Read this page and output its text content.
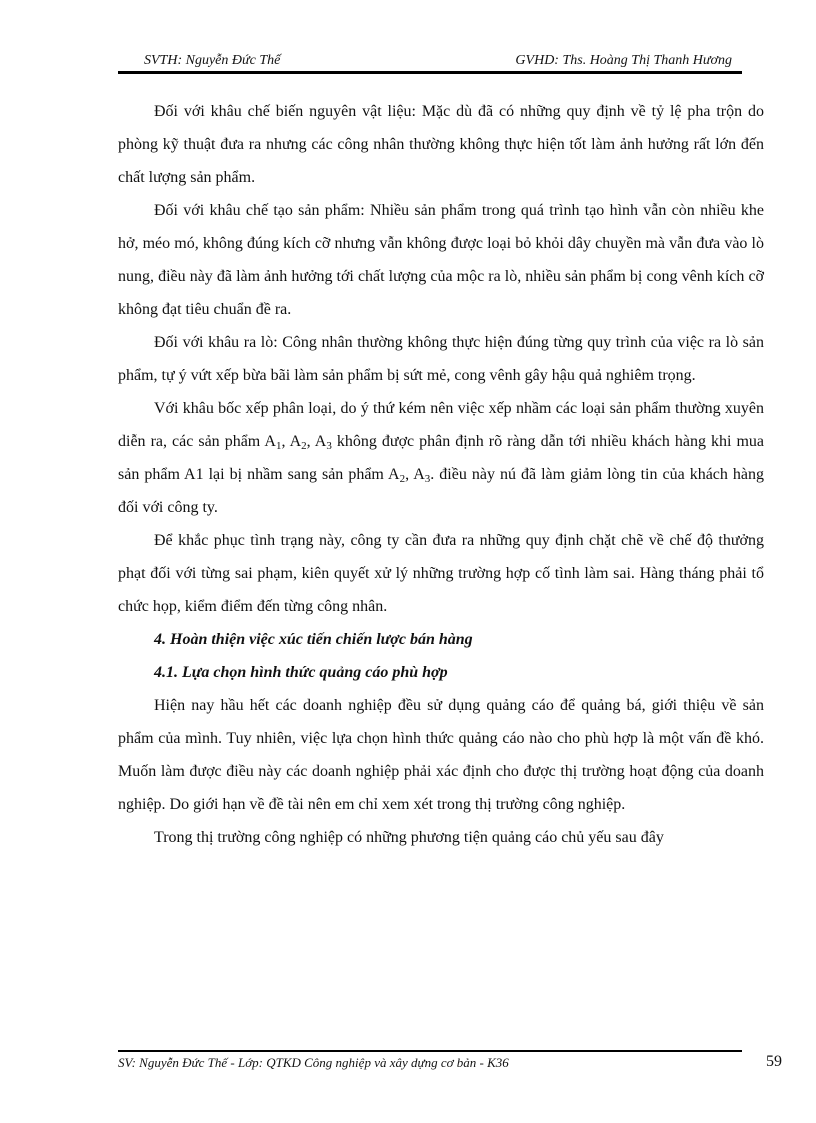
SVTH: Nguyễn Đức Thế	GVHD: Ths. Hoàng Thị Thanh Hương

Đối với khâu chế biến nguyên vật liệu: Mặc dù đã có những quy định về tỷ lệ pha trộn do phòng kỹ thuật đưa ra nhưng các công nhân thường không thực hiện tốt làm ảnh hưởng rất lớn đến chất lượng sản phẩm.

Đối với khâu chế tạo sản phẩm: Nhiều sản phẩm trong quá trình tạo hình vẫn còn nhiều khe hở, méo mó, không đúng kích cỡ nhưng vẫn không được loại bỏ khỏi dây chuyền mà vẫn đưa vào lò nung, điều này đã làm ảnh hưởng tới chất lượng của mộc ra lò, nhiều sản phẩm bị cong vênh kích cỡ không đạt tiêu chuẩn đề ra.

Đối với khâu ra lò: Công nhân thường không thực hiện đúng từng quy trình của việc ra lò sản phẩm, tự ý vứt xếp bừa bãi làm sản phẩm bị sứt mẻ, cong vênh gây hậu quả nghiêm trọng.

Với khâu bốc xếp phân loại, do ý thứ kém nên việc xếp nhầm các loại sản phẩm thường xuyên diễn ra, các sản phẩm $A_1$, $A_2$, $A_3$ không được phân định rõ ràng dẫn tới nhiều khách hàng khi mua sản phẩm A1 lại bị nhầm sang sản phẩm $A_2$, $A_3$. điều này nú đã làm giảm lòng tin của khách hàng đối với công ty.

Để khắc phục tình trạng này, công ty cần đưa ra những quy định chặt chẽ về chế độ thưởng phạt đối với từng sai phạm, kiên quyết xử lý những trường hợp cố tình làm sai. Hàng tháng phải tổ chức họp, kiểm điểm đến từng công nhân.

4. Hoàn thiện việc xúc tiến chiến lược bán hàng
4.1. Lựa chọn hình thức quảng cáo phù hợp

Hiện nay hầu hết các doanh nghiệp đều sử dụng quảng cáo để quảng bá, giới thiệu về sản phẩm của mình. Tuy nhiên, việc lựa chọn hình thức quảng cáo nào cho phù hợp là một vấn đề khó. Muốn làm được điều này các doanh nghiệp phải xác định cho được thị trường hoạt động của doanh nghiệp. Do giới hạn về đề tài nên em chỉ xem xét trong thị trường công nghiệp.

Trong thị trường công nghiệp có những phương tiện quảng cáo chủ yếu sau đây

SV: Nguyễn Đức Thế - Lớp: QTKD Công nghiệp và xây dựng cơ bản - K36	59
